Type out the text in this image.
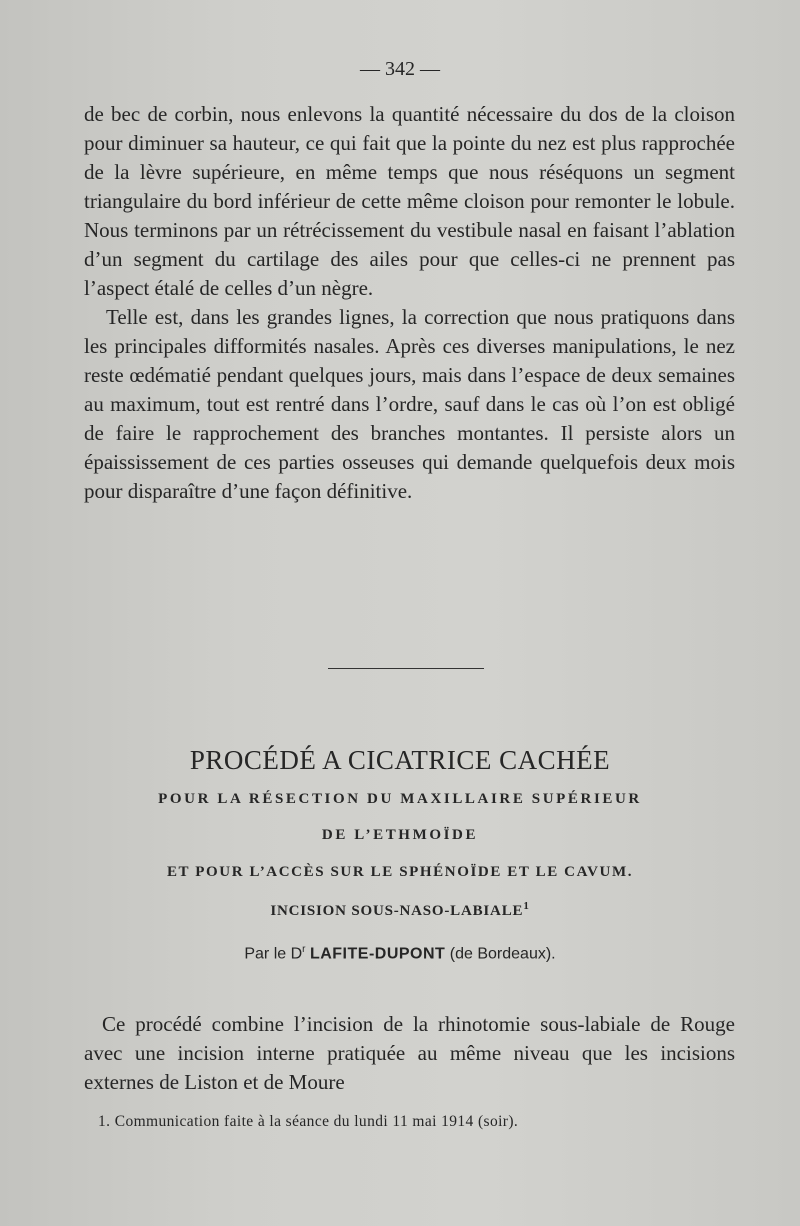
— 342 —

de bec de corbin, nous enlevons la quantité nécessaire du dos de la cloison pour diminuer sa hauteur, ce qui fait que la pointe du nez est plus rapprochée de la lèvre supérieure, en même temps que nous réséquons un segment triangulaire du bord inférieur de cette même cloison pour remonter le lobule. Nous terminons par un rétrécissement du vestibule nasal en faisant l’ablation d’un segment du cartilage des ailes pour que celles-ci ne prennent pas l’aspect étalé de celles d’un nègre.

Telle est, dans les grandes lignes, la correction que nous pratiquons dans les principales difformités nasales. Après ces diverses manipulations, le nez reste œdématié pendant quelques jours, mais dans l’espace de deux semaines au maximum, tout est rentré dans l’ordre, sauf dans le cas où l’on est obligé de faire le rapprochement des branches montantes. Il persiste alors un épaississement de ces parties osseuses qui demande quelquefois deux mois pour disparaître d’une façon définitive.

PROCÉDÉ A CICATRICE CACHÉE
POUR LA RÉSECTION DU MAXILLAIRE SUPÉRIEUR
DE L’ETHMOÏDE
ET POUR L’ACCÈS SUR LE SPHÉNOÏDE ET LE CAVUM.
INCISION SOUS-NASO-LABIALE$^1$
Par le $D^r$ LAFITE-DUPONT (de Bordeaux).

Ce procédé combine l’incision de la rhinotomie sous-labiale de Rouge avec une incision interne pratiquée au même niveau que les incisions externes de Liston et de Moure

1. Communication faite à la séance du lundi 11 mai 1914 (soir).
